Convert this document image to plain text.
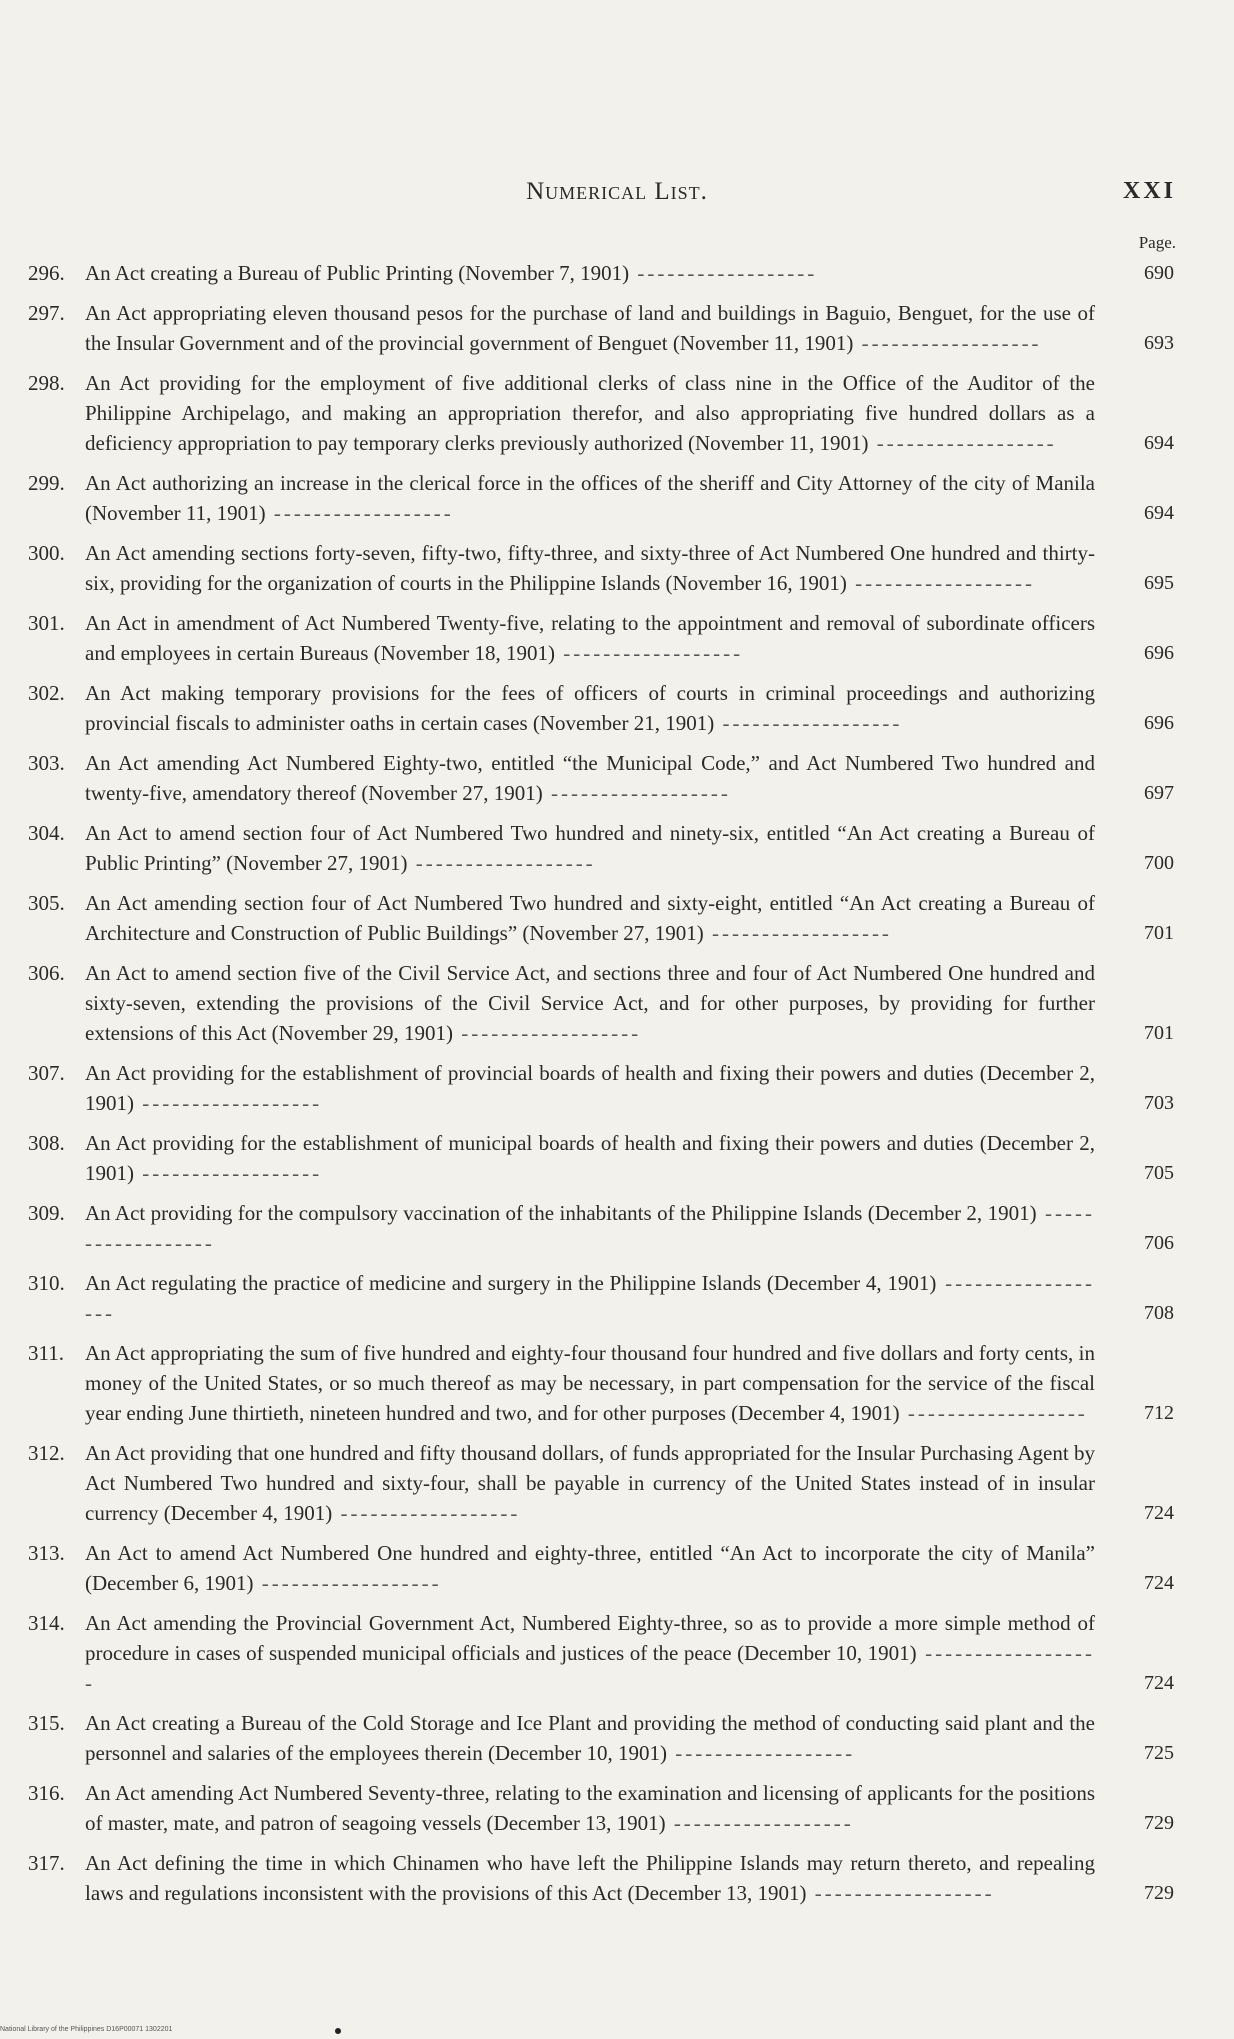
Numerical List.	XXI
Page.
296. An Act creating a Bureau of Public Printing (November 7, 1901) ------------------	690
297. An Act appropriating eleven thousand pesos for the purchase of land and buildings in Baguio, Benguet, for the use of the Insular Government and of the provincial government of Benguet (November 11, 1901) ------------------	693
298. An Act providing for the employment of five additional clerks of class nine in the Office of the Auditor of the Philippine Archipelago, and making an appropriation therefor, and also appropriating five hundred dollars as a deficiency appropriation to pay temporary clerks previously authorized (November 11, 1901) ------------------	694
299. An Act authorizing an increase in the clerical force in the offices of the sheriff and City Attorney of the city of Manila (November 11, 1901) ------------------	694
300. An Act amending sections forty-seven, fifty-two, fifty-three, and sixty-three of Act Numbered One hundred and thirty-six, providing for the organization of courts in the Philippine Islands (November 16, 1901) ------------------	695
301. An Act in amendment of Act Numbered Twenty-five, relating to the appointment and removal of subordinate officers and employees in certain Bureaus (November 18, 1901) ------------------	696
302. An Act making temporary provisions for the fees of officers of courts in criminal proceedings and authorizing provincial fiscals to administer oaths in certain cases (November 21, 1901) ------------------	696
303. An Act amending Act Numbered Eighty-two, entitled “the Municipal Code,” and Act Numbered Two hundred and twenty-five, amendatory thereof (November 27, 1901) ------------------	697
304. An Act to amend section four of Act Numbered Two hundred and ninety-six, entitled “An Act creating a Bureau of Public Printing” (November 27, 1901) ------------------	700
305. An Act amending section four of Act Numbered Two hundred and sixty-eight, entitled “An Act creating a Bureau of Architecture and Construction of Public Buildings” (November 27, 1901) ------------------	701
306. An Act to amend section five of the Civil Service Act, and sections three and four of Act Numbered One hundred and sixty-seven, extending the provisions of the Civil Service Act, and for other purposes, by providing for further extensions of this Act (November 29, 1901) ------------------	701
307. An Act providing for the establishment of provincial boards of health and fixing their powers and duties (December 2, 1901) ------------------	703
308. An Act providing for the establishment of municipal boards of health and fixing their powers and duties (December 2, 1901) ------------------	705
309. An Act providing for the compulsory vaccination of the inhabitants of the Philippine Islands (December 2, 1901) ------------------	706
310. An Act regulating the practice of medicine and surgery in the Philippine Islands (December 4, 1901) ------------------	708
311.	An Act appropriating the sum of five hundred and eighty-four thousand four hundred and five dollars and forty cents, in money of the United States, or so much thereof as may be necessary, in part compensation for the service of the fiscal year ending June thirtieth, nineteen hundred and two, and for other purposes (December 4, 1901) ------------------	712
312. An Act providing that one hundred and fifty thousand dollars, of funds appropriated for the Insular Purchasing Agent by Act Numbered Two hundred and sixty-four, shall be payable in currency of the United States instead of in insular currency (December 4, 1901) ------------------	724
313. An Act to amend Act Numbered One hundred and eighty-three, entitled “An Act to incorporate the city of Manila” (December 6, 1901) ------------------	724
314. An Act amending the Provincial Government Act, Numbered Eighty-three, so as to provide a more simple method of procedure in cases of suspended municipal officials and justices of the peace (December 10, 1901) ------------------	724
315. An Act creating a Bureau of the Cold Storage and Ice Plant and providing the method of conducting said plant and the personnel and salaries of the employees therein (December 10, 1901) ------------------	725
316. An Act amending Act Numbered Seventy-three, relating to the examination and licensing of applicants for the positions of master, mate, and patron of seagoing vessels (December 13, 1901) ------------------	729
317. An Act defining the time in which Chinamen who have left the Philippine Islands may return thereto, and repealing laws and regulations inconsistent with the provisions of this Act (December 13, 1901) ------------------	729
National Library of the Philippines D16P00071 1302201
